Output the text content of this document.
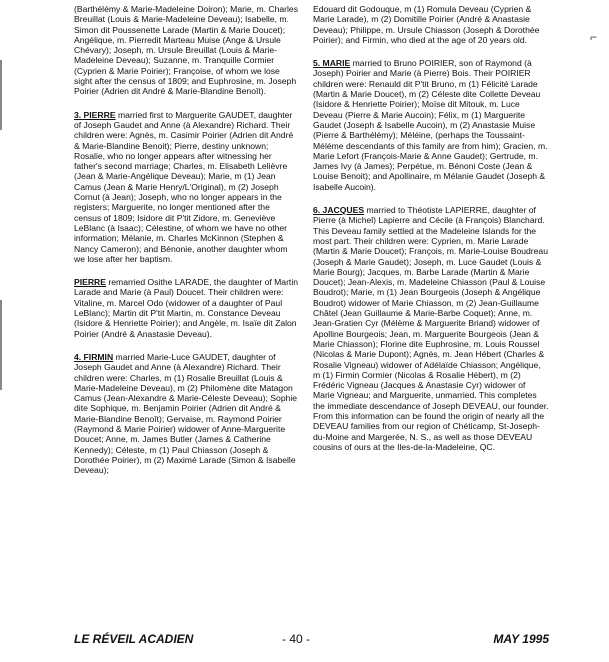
⌐

(Barthélémy & Marie-Madeleine Doiron); Marie, m. Charles Breuillat (Louis & Marie-Madeleine Deveau); Isabelle, m. Simon dit Poussenette Larade (Martin & Marie Doucet); Angélique, m. Pierredit Marteau Muise (Ange & Ursule Chévary); Joseph, m. Ursule Breuillat (Louis & Marie-Madeleine Deveau); Suzanne, m. Tranquille Cormier (Cyprien & Marie Poirier); Françoise, of whom we lose sight after the census of 1809; and Euphrosine, m. Joseph Poirier (Adrien dit André & Marie-Blandine Benoît).

3. PIERRE married first to Marguerite GAUDET, daughter of Joseph Gaudet and Anne (à Alexandre) Richard. Their children were: Agnès, m. Casimir Poirier (Adrien dit André & Marie-Blandine Benoit); Pierre, destiny unknown; Rosalie, who no longer appears after witnessing her father's second marriage; Charles, m. Elisabeth Lelièvre (Jean & Marie-Angélique Deveau); Marie, m (1) Jean Camus (Jean & Marie Henry/L'Original), m (2) Joseph Cornut (à Jean); Joseph, who no longer appears in the registers; Marguerite, no longer mentioned after the census of 1809; Isidore dit P'tit Zidore, m. Geneviève LeBlanc (à Isaac); Célestine, of whom we have no other information; Mélanie, m. Charles McKinnon (Stephen & Nancy Cameron); and Bénonie, another daughter whom we lose after her baptism.

PIERRE remarried Osithe LARADE, the daughter of Martin Larade and Marie (à Paul) Doucet. Their children were: Vitaline, m. Marcel Odo (widower of a daughter of Paul LeBlanc); Martin dit P'tit Martin, m. Constance Deveau (Isidore & Henriette Poirier); and Angèle, m. Isaïe dit Zalon Poirier (André & Anastasie Deveau).

4. FIRMIN married Marie-Luce GAUDET, daughter of Joseph Gaudet and Anne (à Alexandre) Richard. Their children were: Charles, m (1) Rosalie Breuillat (Louis & Marie-Madeleine Deveau), m (2) Philomène dite Matagon Camus (Jean-Alexandre & Marie-Céleste Deveau); Sophie dite Sophique, m. Benjamin Poirier (Adrien dit André & Marie-Blandine Benoît); Gervaise, m. Raymond Poirier (Raymond & Marie Poirier) widower of Anne-Marguerite Doucet; Anne, m. James Butler (James & Catherine Kennedy); Céleste, m (1) Paul Chiasson (Joseph & Dorothée Poirier), m (2) Maximé Larade (Simon & Isabelle Deveau);

Edouard dit Godouque, m (1) Romula Deveau (Cyprien & Marie Larade), m (2) Domitille Poirier (André & Anastasie Deveau); Philippe, m. Ursule Chiasson (Joseph & Dorothée Poirier); and Firmin, who died at the age of 20 years old.

5. MARIE married to Bruno POIRIER, son of Raymond (à Joseph) Poirier and Marie (à Pierre) Bois. Their POIRIER children were: Renauld dit P'tit Bruno, m (1) Félicité Larade (Martin & Marie Doucet), m (2) Céleste dite Collette Deveau (Isidore & Henriette Poirier); Moïse dit Mitouk, m. Luce Deveau (Pierre & Marie Aucoin); Félix, m (1) Marguerite Gaudet (Joseph & Isabelle Aucoin), m (2) Anastasie Muise (Pierre & Barthélémy); Méléine, (perhaps the Toussaint-Méléme descendants of this family are from him); Gracien, m. Marie Lefort (François-Marie & Anne Gaudet); Gertrude, m. James Ivy (à James); Perpétue, m. Bénoni Coste (Jean & Louise Benoit); and Apollinaire, m Mélanie Gaudet (Joseph & Isabelle Aucoin).

6. JACQUES married to Théotiste LAPIERRE, daughter of Pierre (à Michel) Lapierre and Cécile (à François) Blanchard. This Deveau family settled at the Madeleine Islands for the most part. Their children were: Cyprien, m. Marie Larade (Martin & Marie Doucet); François, m. Marie-Louise Boudreau (Joseph & Marie Gaudet); Joseph, m. Luce Gaudet (Louis & Marie Bourg); Jacques, m. Barbe Larade (Martin & Marie Doucet); Jean-Alexis, m. Madeleine Chiasson (Paul & Louise Boudrot); Marie, m (1) Jean Bourgeois (Joseph & Angélique Boudrot) widower of Marie Chiasson, m (2) Jean-Guillaume Châtel (Jean Guillaume & Marie-Barbe Coquet); Anne, m. Jean-Gratien Cyr (Mélème & Marguerite Briand) widower of Apolline Bourgeois; Jean, m. Marguerite Bourgeois (Jean & Marie Chiasson); Florine dite Euphrosine, m. Louis Roussel (Nicolas & Marie Dupont); Agnès, m. Jean Hébert (Charles & Rosalie Vigneau) widower of Adélaïde Chiasson; Angélique, m (1) Firmin Cormier (Nicolas & Rosalie Hébert), m (2) Frédéric Vigneau (Jacques & Anastasie Cyr) widower of Marie Vigneau; and Marguerite, unmarried. This completes the immediate descendance of Joseph DEVEAU, our founder. From this information can be found the origin of nearly all the DEVEAU families from our region of Chéticamp, St-Joseph-du-Moine and Margerée, N. S., as well as those DEVEAU cousins of ours at the Iles-de-la-Madeleine, QC.

LE RÉVEIL ACADIEN	- 40 -	MAY 1995
